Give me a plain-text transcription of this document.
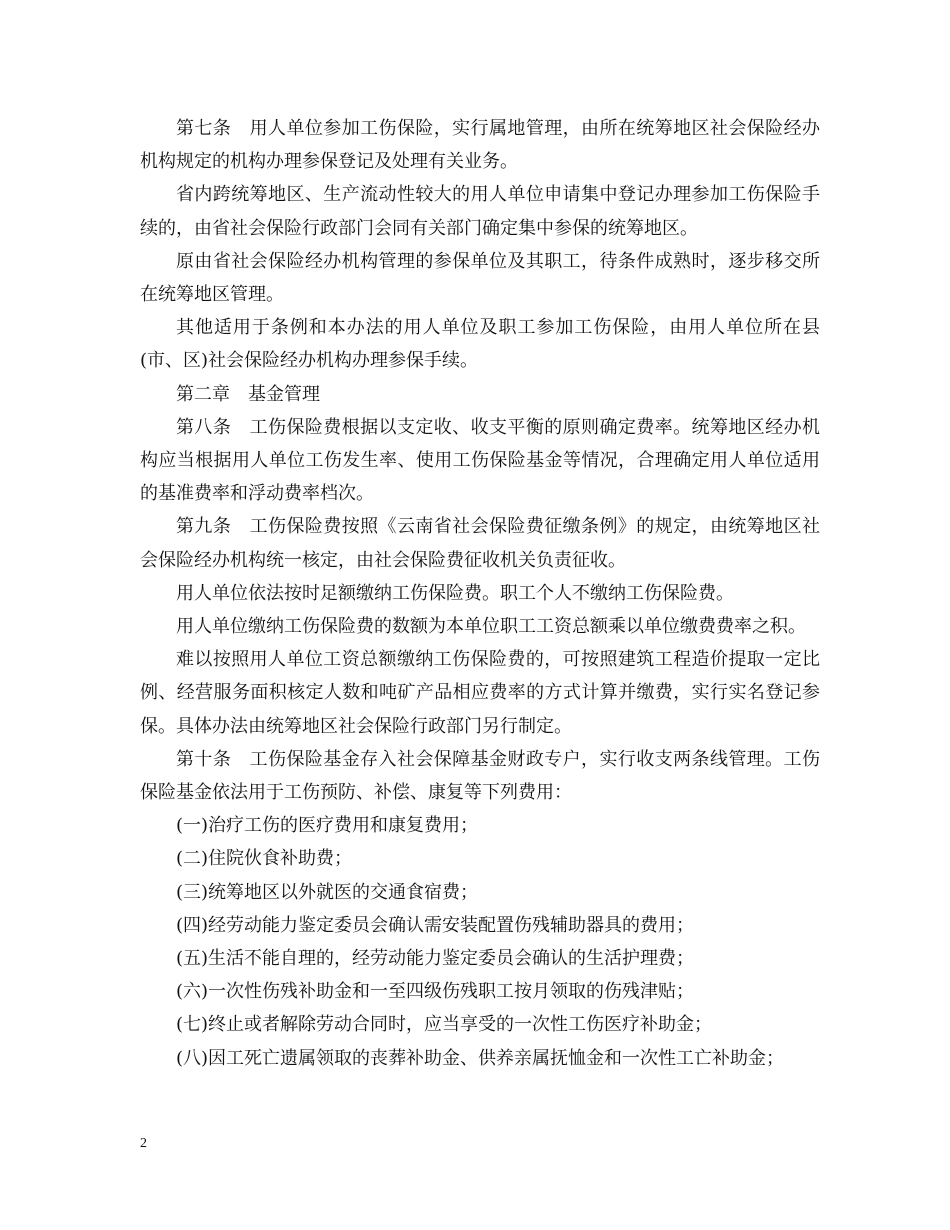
第七条　用人单位参加工伤保险，实行属地管理，由所在统筹地区社会保险经办机构规定的机构办理参保登记及处理有关业务。

省内跨统筹地区、生产流动性较大的用人单位申请集中登记办理参加工伤保险手续的，由省社会保险行政部门会同有关部门确定集中参保的统筹地区。

原由省社会保险经办机构管理的参保单位及其职工，待条件成熟时，逐步移交所在统筹地区管理。

其他适用于条例和本办法的用人单位及职工参加工伤保险，由用人单位所在县(市、区)社会保险经办机构办理参保手续。

第二章　基金管理

第八条　工伤保险费根据以支定收、收支平衡的原则确定费率。统筹地区经办机构应当根据用人单位工伤发生率、使用工伤保险基金等情况，合理确定用人单位适用的基准费率和浮动费率档次。

第九条　工伤保险费按照《云南省社会保险费征缴条例》的规定，由统筹地区社会保险经办机构统一核定，由社会保险费征收机关负责征收。

用人单位依法按时足额缴纳工伤保险费。职工个人不缴纳工伤保险费。

用人单位缴纳工伤保险费的数额为本单位职工工资总额乘以单位缴费费率之积。

难以按照用人单位工资总额缴纳工伤保险费的，可按照建筑工程造价提取一定比例、经营服务面积核定人数和吨矿产品相应费率的方式计算并缴费，实行实名登记参保。具体办法由统筹地区社会保险行政部门另行制定。

第十条　工伤保险基金存入社会保障基金财政专户，实行收支两条线管理。工伤保险基金依法用于工伤预防、补偿、康复等下列费用：

(一)治疗工伤的医疗费用和康复费用；

(二)住院伙食补助费；

(三)统筹地区以外就医的交通食宿费；

(四)经劳动能力鉴定委员会确认需安装配置伤残辅助器具的费用；

(五)生活不能自理的，经劳动能力鉴定委员会确认的生活护理费；

(六)一次性伤残补助金和一至四级伤残职工按月领取的伤残津贴；

(七)终止或者解除劳动合同时，应当享受的一次性工伤医疗补助金；

(八)因工死亡遗属领取的丧葬补助金、供养亲属抚恤金和一次性工亡补助金；

2
